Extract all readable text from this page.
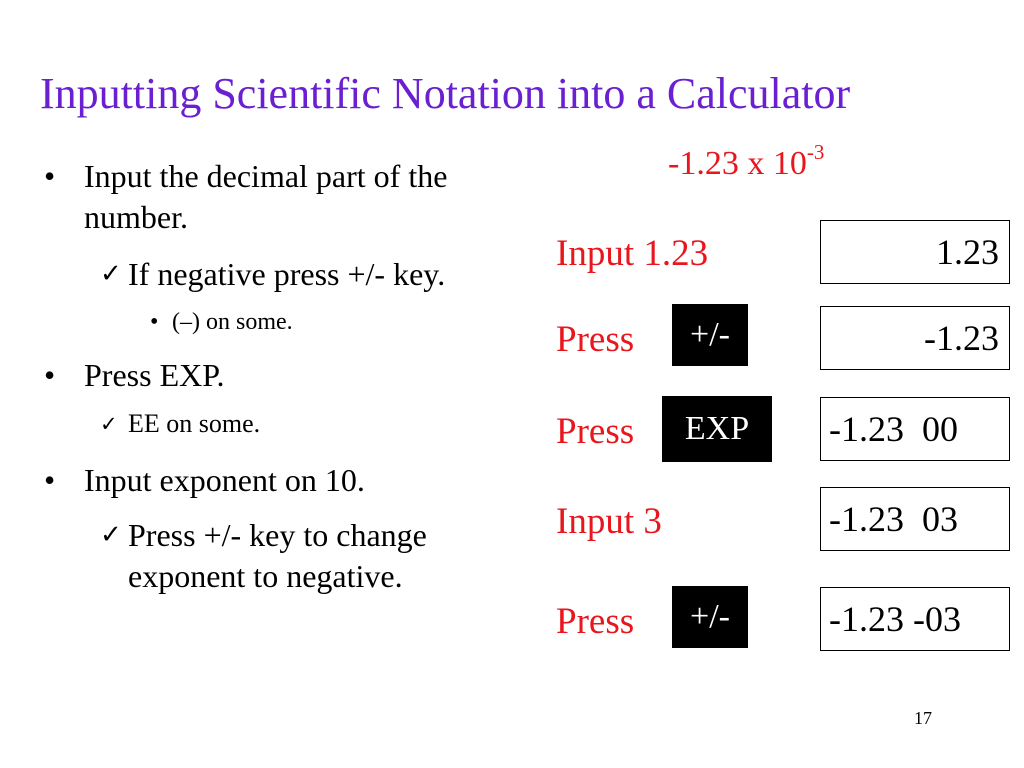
Inputting Scientific Notation into a Calculator
-1.23 x $10^{-3}$
• Input the decimal part of the number.
✓ If negative press +/- key.
• (–) on some.
• Press EXP.
✓ EE on some.
• Input exponent on 10.
✓ Press +/- key to change exponent to negative.
Input 1.23	1.23
Press	+/-	-1.23
Press	EXP	-1.23  00
Input 3	-1.23  03
Press	+/-	-1.23 -03
17
